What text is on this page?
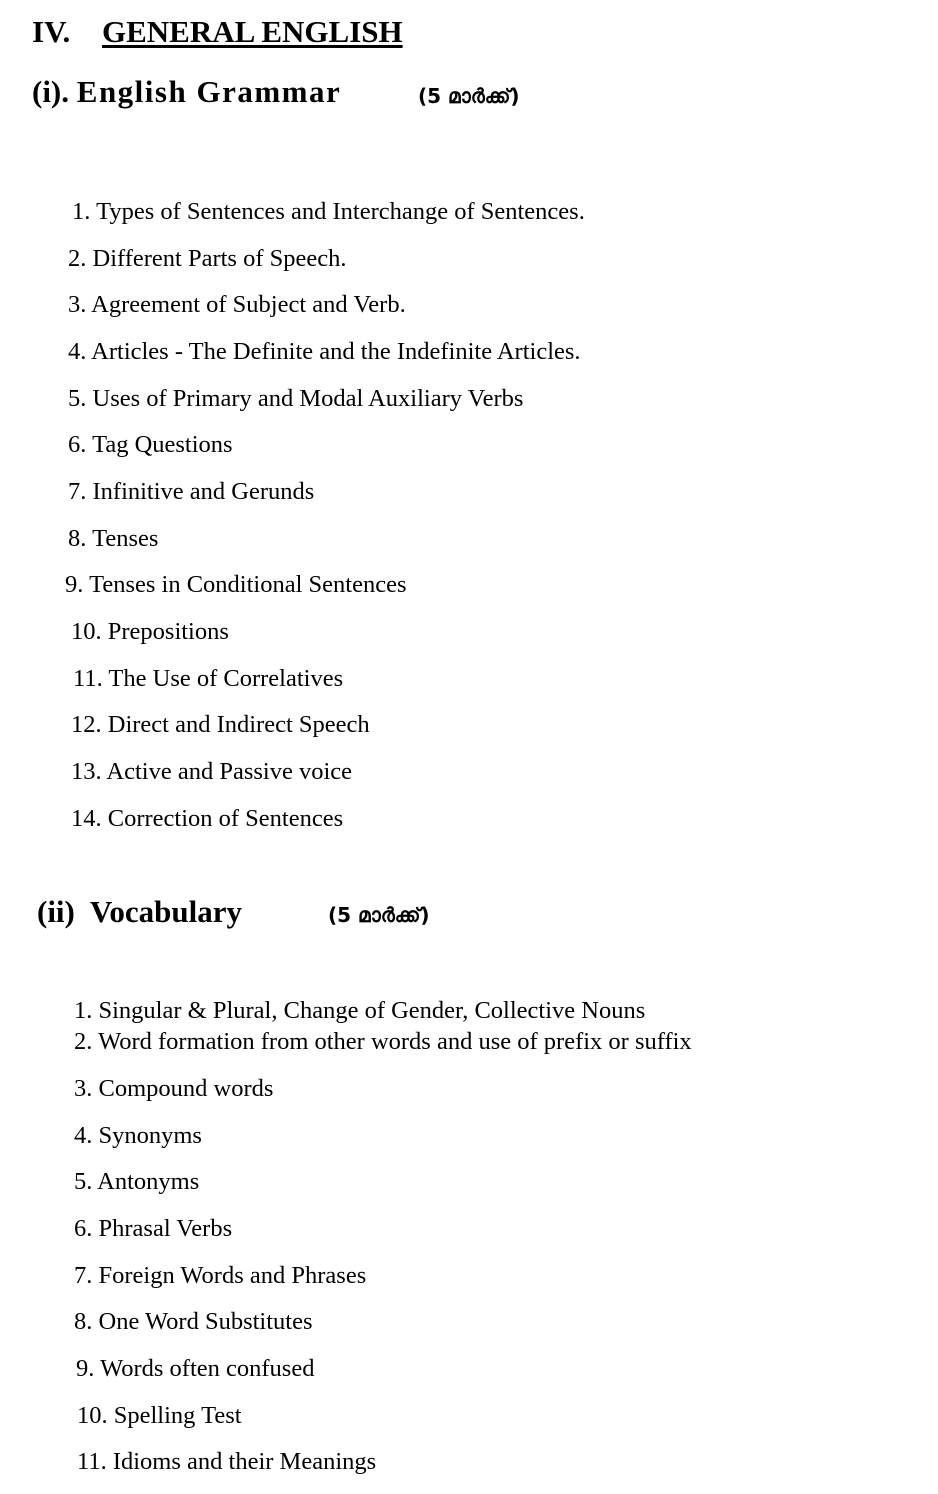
IV. GENERAL ENGLISH
(i). English Grammar	(5 മാർക്ക്)
1. Types of Sentences and Interchange of Sentences.
2. Different Parts of Speech.
3. Agreement of Subject and Verb.
4. Articles - The Definite and the Indefinite Articles.
5. Uses of Primary and Modal Auxiliary Verbs
6. Tag Questions
7. Infinitive and Gerunds
8. Tenses
9. Tenses in Conditional Sentences
10. Prepositions
11. The Use of Correlatives
12. Direct and Indirect Speech
13. Active and Passive voice
14. Correction of Sentences
(ii) Vocabulary	(5 മാർക്ക്)
1. Singular & Plural, Change of Gender, Collective Nouns
2. Word formation from other words and use of prefix or suffix
3. Compound words
4. Synonyms
5. Antonyms
6. Phrasal Verbs
7. Foreign Words and Phrases
8. One Word Substitutes
9. Words often confused
10. Spelling Test
11. Idioms and their Meanings
